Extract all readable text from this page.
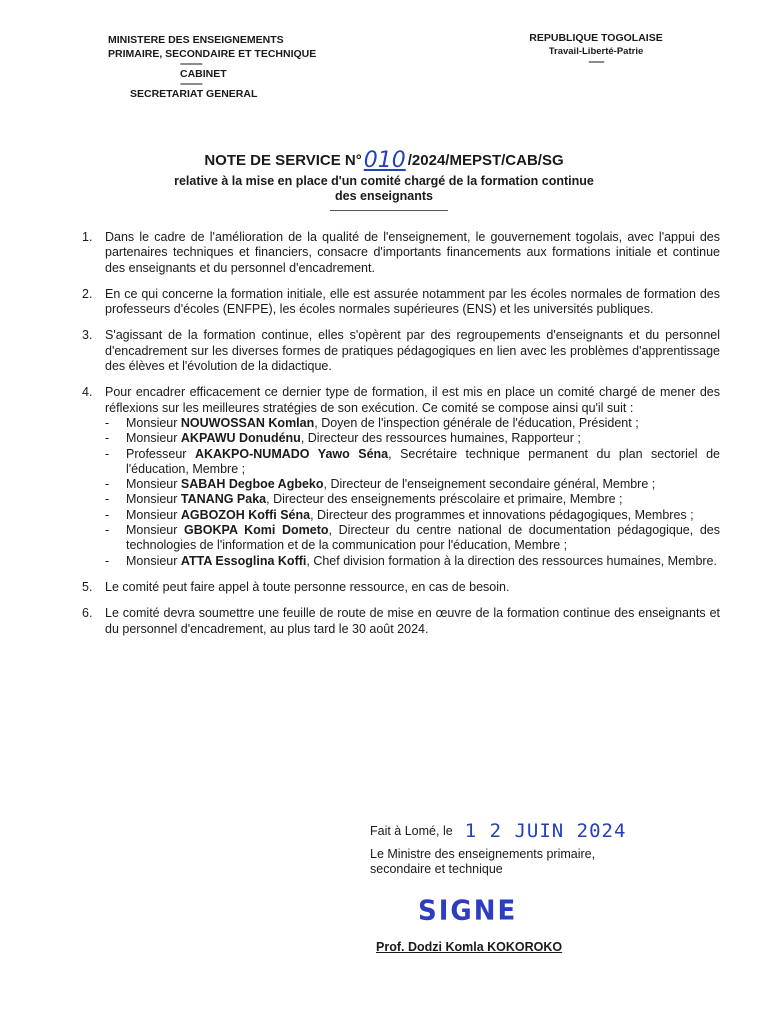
MINISTERE DES ENSEIGNEMENTS
PRIMAIRE, SECONDAIRE ET TECHNIQUE
-------------
CABINET
-------------
SECRETARIAT GENERAL
REPUBLIQUE TOGOLAISE
Travail-Liberté-Patrie
---------
NOTE DE SERVICE N°010 /2024/MEPST/CAB/SG
relative à la mise en place d'un comité chargé de la formation continue
des enseignants
1. Dans le cadre de l'amélioration de la qualité de l'enseignement, le gouvernement togolais, avec l'appui des partenaires techniques et financiers, consacre d'importants financements aux formations initiale et continue des enseignants et du personnel d'encadrement.
2. En ce qui concerne la formation initiale, elle est assurée notamment par les écoles normales de formation des professeurs d'écoles (ENFPE), les écoles normales supérieures (ENS) et les universités publiques.
3. S'agissant de la formation continue, elles s'opèrent par des regroupements d'enseignants et du personnel d'encadrement sur les diverses formes de pratiques pédagogiques en lien avec les problèmes d'apprentissage des élèves et l'évolution de la didactique.
4. Pour encadrer efficacement ce dernier type de formation, il est mis en place un comité chargé de mener des réflexions sur les meilleures stratégies de son exécution. Ce comité se compose ainsi qu'il suit :
- Monsieur NOUWOSSAN Komlan, Doyen de l'inspection générale de l'éducation, Président ;
- Monsieur AKPAWU Donudénu, Directeur des ressources humaines, Rapporteur ;
- Professeur AKAKPO-NUMADO Yawo Séna, Secrétaire technique permanent du plan sectoriel de l'éducation, Membre ;
- Monsieur SABAH Degboe Agbeko, Directeur de l'enseignement secondaire général, Membre ;
- Monsieur TANANG Paka, Directeur des enseignements préscolaire et primaire, Membre ;
- Monsieur AGBOZOH Koffi Séna, Directeur des programmes et innovations pédagogiques, Membres ;
- Monsieur GBOKPA Komi Dometo, Directeur du centre national de documentation pédagogique, des technologies de l'information et de la communication pour l'éducation, Membre ;
- Monsieur ATTA Essoglina Koffi, Chef division formation à la direction des ressources humaines, Membre.
5. Le comité peut faire appel à toute personne ressource, en cas de besoin.
6. Le comité devra soumettre une feuille de route de mise en œuvre de la formation continue des enseignants et du personnel d'encadrement, au plus tard le 30 août 2024.
Fait à Lomé, le 1 2 JUIN 2024
Le Ministre des enseignements primaire,
secondaire et technique
SIGNE
Prof. Dodzi Komla KOKOROKO
